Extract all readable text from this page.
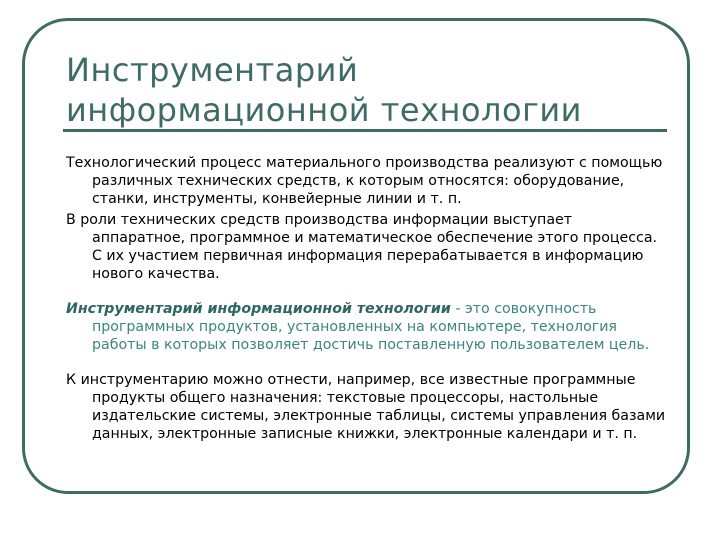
Инструментарий
информационной технологии

Технологический процесс материального производства реализуют с помощью различных технических средств, к которым относятся: оборудование, станки, инструменты, конвейерные линии и т. п.

В роли технических средств производства информации выступает аппаратное, программное и математическое обеспечение этого процесса. С их участием первичная информация перерабатывается в информацию нового качества.

Инструментарий информационной технологии - это совокупность программных продуктов, установленных на компьютере, технология работы в которых позволяет достичь поставленную пользователем цель.

К инструментарию можно отнести, например, все известные программные продукты общего назначения: текстовые процессоры, настольные издательские системы, электронные таблицы, системы управления базами данных, электронные записные книжки, электронные календари и т. п.
